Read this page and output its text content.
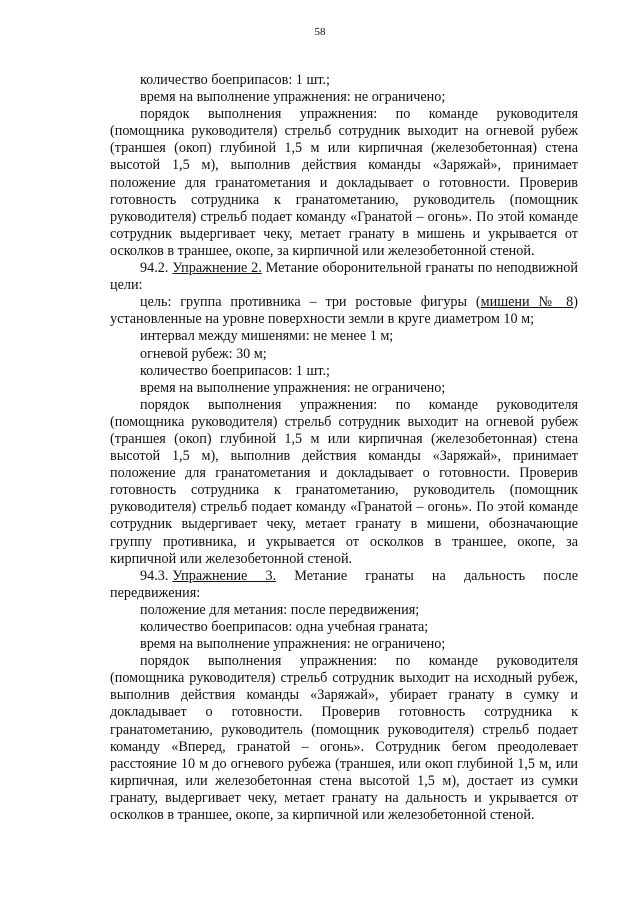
58

количество боеприпасов: 1 шт.;

время на выполнение упражнения: не ограничено;

порядок выполнения упражнения: по команде руководителя (помощника руководителя) стрельб сотрудник выходит на огневой рубеж (траншея (окоп) глубиной 1,5 м или кирпичная (железобетонная) стена высотой 1,5 м), выполнив действия команды «Заряжай», принимает положение для гранатометания и докладывает о готовности. Проверив готовность сотрудника к гранатометанию, руководитель (помощник руководителя) стрельб подает команду «Гранатой – огонь». По этой команде сотрудник выдергивает чеку, метает гранату в мишень и укрывается от осколков в траншее, окопе, за кирпичной или железобетонной стеной.

94.2. Упражнение 2. Метание оборонительной гранаты по неподвижной цели:

цель: группа противника – три ростовые фигуры (мишени № 8) установленные на уровне поверхности земли в круге диаметром 10 м;

интервал между мишенями: не менее 1 м;

огневой рубеж: 30 м;

количество боеприпасов: 1 шт.;

время на выполнение упражнения: не ограничено;

порядок выполнения упражнения: по команде руководителя (помощника руководителя) стрельб сотрудник выходит на огневой рубеж (траншея (окоп) глубиной 1,5 м или кирпичная (железобетонная) стена высотой 1,5 м), выполнив действия команды «Заряжай», принимает положение для гранатометания и докладывает о готовности. Проверив готовность сотрудника к гранатометанию, руководитель (помощник руководителя) стрельб подает команду «Гранатой – огонь». По этой команде сотрудник выдергивает чеку, метает гранату в мишени, обозначающие группу противника, и укрывается от осколков в траншее, окопе, за кирпичной или железобетонной стеной.

94.3. Упражнение 3. Метание гранаты на дальность после передвижения:

положение для метания: после передвижения;

количество боеприпасов: одна учебная граната;

время на выполнение упражнения: не ограничено;

порядок выполнения упражнения: по команде руководителя (помощника руководителя) стрельб сотрудник выходит на исходный рубеж, выполнив действия команды «Заряжай», убирает гранату в сумку и докладывает о готовности. Проверив готовность сотрудника к гранатометанию, руководитель (помощник руководителя) стрельб подает команду «Вперед, гранатой – огонь». Сотрудник бегом преодолевает расстояние 10 м до огневого рубежа (траншея, или окоп глубиной 1,5 м, или кирпичная, или железобетонная стена высотой 1,5 м), достает из сумки гранату, выдергивает чеку, метает гранату на дальность и укрывается от осколков в траншее, окопе, за кирпичной или железобетонной стеной.
